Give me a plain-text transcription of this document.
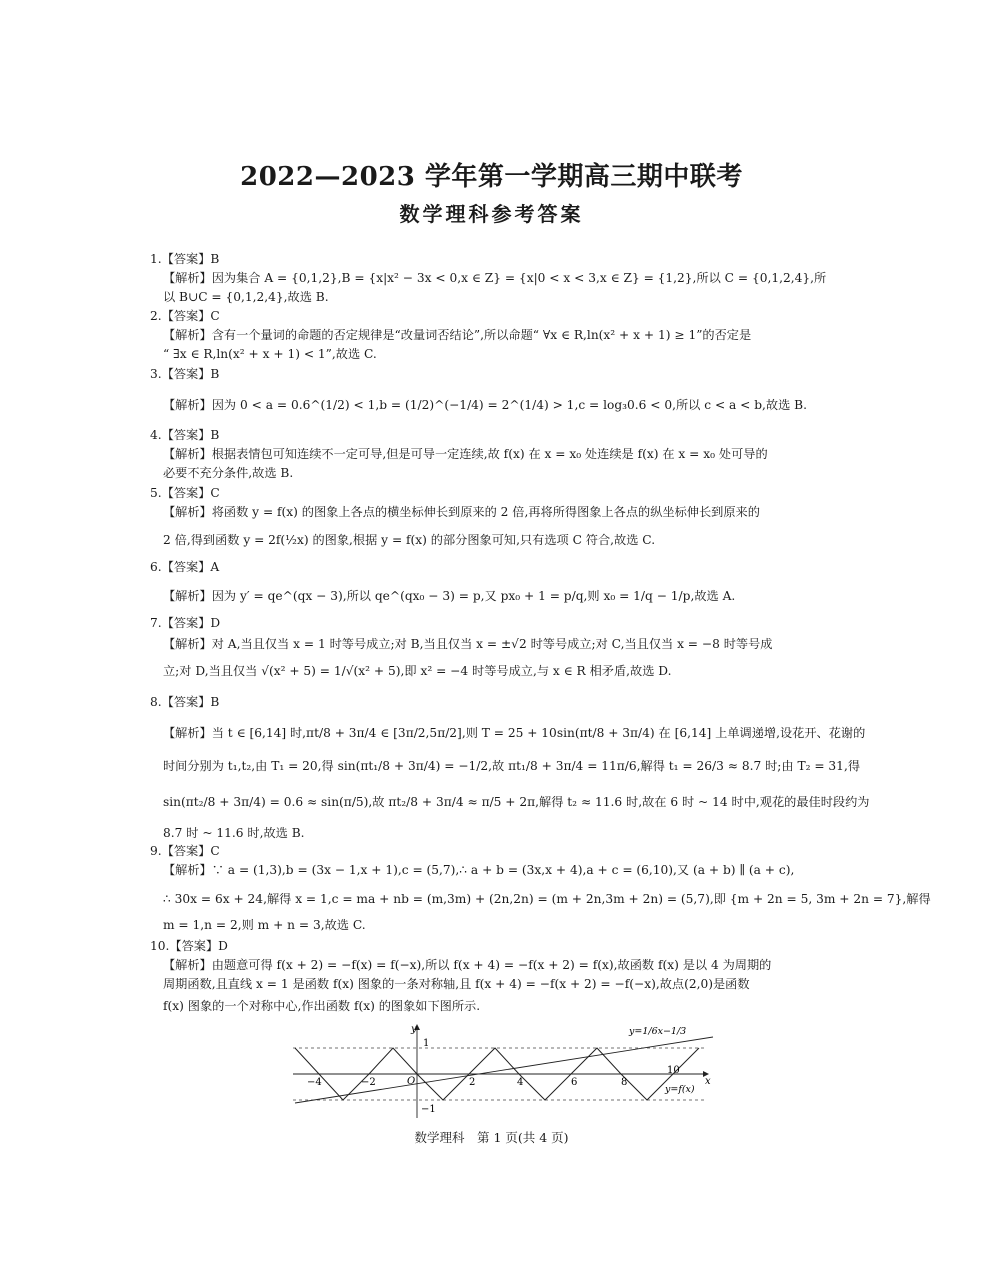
2022—2023 学年第一学期高三期中联考
数学理科参考答案
1.【答案】B
【解析】因为集合 A = {0,1,2},B = {x|x² − 3x < 0,x ∈ Z} = {x|0 < x < 3,x ∈ Z} = {1,2},所以 C = {0,1,2,4},所
以 B∪C = {0,1,2,4},故选 B.
2.【答案】C
【解析】含有一个量词的命题的否定规律是“改量词否结论”,所以命题“ ∀x ∈ R,ln(x² + x + 1) ≥ 1”的否定是
“ ∃x ∈ R,ln(x² + x + 1) < 1”,故选 C.
3.【答案】B
【解析】因为 0 < a = 0.6^(1/2) < 1,b = (1/2)^(−1/4) = 2^(1/4) > 1,c = log₃0.6 < 0,所以 c < a < b,故选 B.
4.【答案】B
【解析】根据表情包可知连续不一定可导,但是可导一定连续,故 f(x) 在 x = x₀ 处连续是 f(x) 在 x = x₀ 处可导的
必要不充分条件,故选 B.
5.【答案】C
【解析】将函数 y = f(x) 的图象上各点的横坐标伸长到原来的 2 倍,再将所得图象上各点的纵坐标伸长到原来的
2 倍,得到函数 y = 2f(½x) 的图象,根据 y = f(x) 的部分图象可知,只有选项 C 符合,故选 C.
6.【答案】A
【解析】因为 y′ = qe^(qx − 3),所以 qe^(qx₀ − 3) = p,又 px₀ + 1 = p/q,则 x₀ = 1/q − 1/p,故选 A.
7.【答案】D
【解析】对 A,当且仅当 x = 1 时等号成立;对 B,当且仅当 x = ±√2 时等号成立;对 C,当且仅当 x = −8 时等号成
立;对 D,当且仅当 √(x² + 5) = 1/√(x² + 5),即 x² = −4 时等号成立,与 x ∈ R 相矛盾,故选 D.
8.【答案】B
【解析】当 t ∈ [6,14] 时,πt/8 + 3π/4 ∈ [3π/2,5π/2],则 T = 25 + 10sin(πt/8 + 3π/4) 在 [6,14] 上单调递增,设花开、花谢的
时间分别为 t₁,t₂,由 T₁ = 20,得 sin(πt₁/8 + 3π/4) = −1/2,故 πt₁/8 + 3π/4 = 11π/6,解得 t₁ = 26/3 ≈ 8.7 时;由 T₂ = 31,得
sin(πt₂/8 + 3π/4) = 0.6 ≈ sin(π/5),故 πt₂/8 + 3π/4 ≈ π/5 + 2π,解得 t₂ ≈ 11.6 时,故在 6 时 ~ 14 时中,观花的最佳时段约为
8.7 时 ~ 11.6 时,故选 B.
9.【答案】C
【解析】∵ a = (1,3),b = (3x − 1,x + 1),c = (5,7),∴ a + b = (3x,x + 4),a + c = (6,10),又 (a + b) ∥ (a + c),
∴ 30x = 6x + 24,解得 x = 1,c = ma + nb = (m,3m) + (2n,2n) = (m + 2n,3m + 2n) = (5,7),即 {m + 2n = 5, 3m + 2n = 7},解得
m = 1,n = 2,则 m + n = 3,故选 C.
10.【答案】D
【解析】由题意可得 f(x + 2) = −f(x) = f(−x),所以 f(x + 4) = −f(x + 2) = f(x),故函数 f(x) 是以 4 为周期的
周期函数,且直线 x = 1 是函数 f(x) 图象的一条对称轴,且 f(x + 4) = −f(x + 2) = −f(−x),故点(2,0)是函数
f(x) 图象的一个对称中心,作出函数 f(x) 的图象如下图所示.
y
x
O
1
−1
−4	−2	2	4	6	8
10
y=1/6x−1/3
y=f(x)
数学理科　第 1 页(共 4 页)
